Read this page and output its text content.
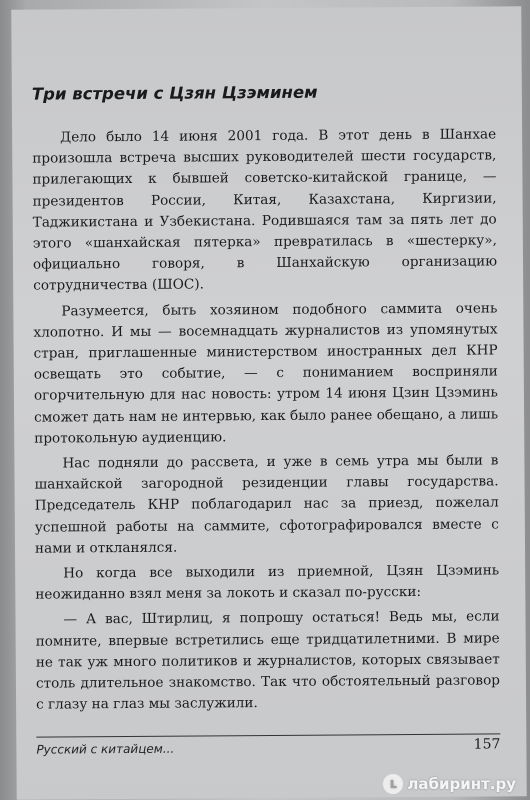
Три встречи с Цзян Цзэминем

Дело было 14 июня 2001 года. В этот день в Шанхае произошла встреча высших руководителей шести государств, прилегающих к бывшей советско-китайской границе, — президентов России, Китая, Казахстана, Киргизии, Таджикистана и Узбекистана. Родившаяся там за пять лет до этого «шанхайская пятерка» превратилась в «шестерку», официально говоря, в Шанхайскую организацию сотрудничества (ШОС).

Разумеется, быть хозяином подобного саммита очень хлопотно. И мы — восемнадцать журналистов из упомянутых стран, приглашенные министерством иностранных дел КНР освещать это событие, — с пониманием восприняли огорчительную для нас новость: утром 14 июня Цзин Цзэминь сможет дать нам не интервью, как было ранее обещано, а лишь протокольную аудиенцию.

Нас подняли до рассвета, и уже в семь утра мы были в шанхайской загородной резиденции главы государства. Председатель КНР поблагодарил нас за приезд, пожелал успешной работы на саммите, сфотографировался вместе с нами и откланялся.

Но когда все выходили из приемной, Цзян Цзэминь неожиданно взял меня за локоть и сказал по-русски:

— А вас, Штирлиц, я попрошу остаться! Ведь мы, если помните, впервые встретились еще тридцатилетними. В мире не так уж много политиков и журналистов, которых связывает столь длительное знакомство. Так что обстоятельный разговор с глазу на глаз мы заслужили.

Русский с китайцем...	157
ʟ лабиринт.ру
